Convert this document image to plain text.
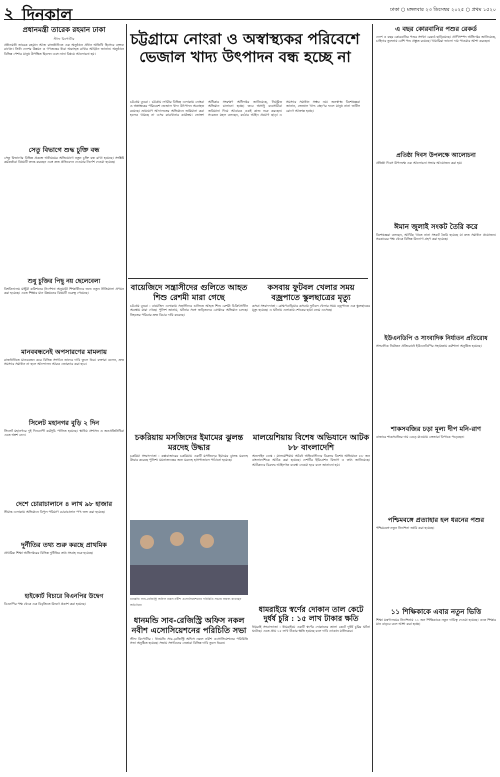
২ দিনকাল	ঢাকা ○ মঙ্গলবার ২৩ ডিসেম্বর ২০২৫ ○ প্রথম ১৫২০
প্রধানমন্ত্রী তারেক রহমান ঢাকা
স্টাফ রিপোর্টার
প্রধানমন্ত্রী তারেক রহমান আজ রাজধানীতে এক অনুষ্ঠানে প্রধান অতিথি হিসেবে বক্তব্য রাখেন। তিনি দেশের উন্নয়ন ও গণতন্ত্রের ধারা অব্যাহত রাখার আহ্বান জানান। অনুষ্ঠানে বিভিন্ন পেশার মানুষ উপস্থিত ছিলেন এবং নানা বিষয়ে আলোচনা হয়।
সেতু বিভাগে শুদ্ধ চুক্তি বন্ধ
সেতু বিভাগের বিভিন্ন প্রকল্পে অনিয়মের অভিযোগে নতুন চুক্তি বন্ধ রাখা হয়েছে। সংশ্লিষ্ট কর্মকর্তারা বিষয়টি তদন্ত করছেন এবং দ্রুত প্রতিবেদন দেওয়ার নির্দেশ দেওয়া হয়েছে।
শুধু চুক্তির পিছু নয় ছেলেবেলা
বিশ্ববিদ্যালয় মঞ্জুরী কমিশনের নির্দেশনা অনুযায়ী শিক্ষার্থীদের জন্য নতুন নীতিমালা প্রণয়ন করা হয়েছে। এতে শিক্ষার মান উন্নয়নের বিষয়টি গুরুত্ব পেয়েছে।
মানববন্ধনেই অপসারণের মামলায়
রাজধানীতে মানববন্ধন করে বিভিন্ন সংগঠন তাদের দাবি তুলে ধরে। বক্তারা বলেন, দ্রুত সমস্যার সমাধান না হলে আন্দোলন আরও জোরদার করা হবে।
সিলেট মহানগর বুড়ি ২ দিন
সিলেট মহানগরে দুই দিনব্যাপী কর্মসূচি পালিত হয়েছে। স্থানীয় প্রশাসন ও জনপ্রতিনিধিরা এতে অংশ নেন।
দেশে চোরাচালানে ৪ লাখ ৯৮ হাজার
সীমান্ত এলাকায় অভিযানে বিপুল পরিমাণ চোরাচালান পণ্য জব্দ করা হয়েছে।
দুর্নীতির তথ্য শুরু করছে প্রাথমিক
প্রাথমিক শিক্ষা অধিদপ্তরের বিভিন্ন দুর্নীতির তথ্য সংগ্রহ শুরু হয়েছে।
হাইকোর্ট বিচারে বিএনপির উদ্বেগ
বিএনপির পক্ষ থেকে এক বিবৃতিতে উদ্বেগ প্রকাশ করা হয়েছে।
চট্টগ্রামে নোংরা ও অস্বাস্থ্যকর পরিবেশে ভেজাল খাদ্য উৎপাদন বন্ধ হচ্ছে না
চট্টগ্রাম ব্যুরো : চট্টগ্রাম নগরীর বিভিন্ন এলাকায় নোংরা ও অস্বাস্থ্যকর পরিবেশে ভেজাল খাদ্য উৎপাদন অব্যাহত রয়েছে। ভ্রাম্যমাণ আদালতের অভিযানে জরিমানা করা হলেও থামছে না এসব কারখানার কার্যক্রম। ভোক্তা অধিকার সংরক্ষণ অধিদপ্তর জানিয়েছে, নিয়মিত অভিযান চালানো হচ্ছে। তবে অসাধু ব্যবসায়ীরা জরিমানা দিয়ে আবারও একই কাজ শুরু করছেন। সচেতন মহল বলছেন, কঠোর আইন প্রয়োগ ছাড়া এ সমস্যার সমাধান সম্ভব নয়। জনস্বাস্থ্য বিশেষজ্ঞরা জানান, ভেজাল খাদ্য গ্রহণের ফলে মানুষ নানা জটিল রোগে আক্রান্ত হচ্ছে।
বায়েজিদে সন্ত্রাসীদের গুলিতে আহত শিশু রেশমী মারা গেছে
চট্টগ্রাম ব্যুরো : বায়েজিদ এলাকায় সন্ত্রাসীদের গুলিতে আহত শিশু রেশমী চিকিৎসাধীন অবস্থায় মারা গেছে। পুলিশ জানায়, ঘটনার সঙ্গে জড়িতদের গ্রেপ্তারে অভিযান চলছে। নিহতের পরিবার দ্রুত বিচার দাবি করেছে।
কসবায় ফুটবল খেলার সময় বজ্রপাতে স্কুলছাত্রের মৃত্যু
কসবা সংবাদদাতা : ব্রাহ্মণবাড়িয়ার কসবায় ফুটবল খেলার সময় বজ্রপাতে এক স্কুলছাত্রের মৃত্যু হয়েছে। এ ঘটনায় এলাকায় শোকের ছায়া নেমে এসেছে।
চকরিয়ায় মসজিদের ইমামের ঝুলন্ত মরদেহ উদ্ধার
চকরিয়া সংবাদদাতা : কক্সবাজারের চকরিয়ায় একটি মসজিদের ইমামের ঝুলন্ত মরদেহ উদ্ধার করেছে পুলিশ। ময়নাতদন্তের জন্য মরদেহ হাসপাতালে পাঠানো হয়েছে।
মালয়েশিয়ায় বিশেষ অভিযানে আটক ৮৮ বাংলাদেশি
অনলাইন ডেস্ক : মালয়েশিয়ায় অবৈধ অভিবাসীদের বিরুদ্ধে বিশেষ অভিযানে ৮৮ জন বাংলাদেশিকে আটক করা হয়েছে। দেশটির ইমিগ্রেশন বিভাগ এ তথ্য জানিয়েছে। আটকদের বিরুদ্ধে আইনগত ব্যবস্থা নেওয়া হবে বলে জানানো হয়।
ধানমন্ডি সাব-রেজিস্ট্রি অফিস নকল নবীশ এসোসিয়েশনের পরিচিতি সভায় বক্তব্য রাখছেন অতিথিরা
ধানমন্ডি সাব-রেজিস্ট্রি অফিস নকল নবীশ এসোসিয়েশনের পরিচিতি সভা
স্টাফ রিপোর্টার : ধানমন্ডি সাব-রেজিস্ট্রি অফিস নকল নবীশ এসোসিয়েশনের পরিচিতি সভা অনুষ্ঠিত হয়েছে। সভায় সংগঠনের নেতারা বিভিন্ন দাবি তুলে ধরেন।
ধামরাইয়ে স্বর্ণের দোকান তাল কেটে দুর্ধর্ষ চুরি : ১৫ লাখ টাকার ক্ষতি
ধামরাই সংবাদদাতা : ধামরাইয়ে একটি স্বর্ণের দোকানের তালা কেটে দুর্ধর্ষ চুরির ঘটনা ঘটেছে। এতে প্রায় ১৫ লাখ টাকার ক্ষতি হয়েছে বলে দাবি দোকান মালিকের।
এ বছর কোরবানির পশুর রেকর্ড
দেশে এ বছর কোরবানির পশুর সংখ্যা রেকর্ড ছাড়িয়েছে। প্রাণিসম্পদ অধিদপ্তর জানিয়েছে, চাহিদার তুলনায় বেশি পশু প্রস্তুত রয়েছে। খামারিরা ভালো দাম পাওয়ার আশা করছেন।
প্রতিষ্ঠা দিবস উপলক্ষে আলোচনা
প্রতিষ্ঠা দিবস উপলক্ষে এক আলোচনা সভার আয়োজন করা হয়।
ঈমান জুলাই সংকট তৈরি করে
বিশেষজ্ঞরা বলছেন, আর্থিক খাতে নানা সংকট তৈরি হয়েছে যা দ্রুত সমাধান প্রয়োজন। সরকারের পক্ষ থেকে বিভিন্ন উদ্যোগ গ্রহণ করা হয়েছে।
ইউএনডিপি ও সাংবাদিক নির্যাতন প্রতিরোধ
সাংবাদিক নির্যাতন প্রতিরোধে ইউএনডিপির সহায়তায় কর্মশালা অনুষ্ঠিত হয়েছে।
শাকসবজির চড়া মূল্য দীপ মনি-রাণ
বাজারে শাকসবজির দাম বেড়ে যাওয়ায় ক্রেতারা বিপাকে পড়েছেন।
পশ্চিমবঙ্গে প্রত্যাহার হল ধরনের পশুর
পশ্চিমবঙ্গে নতুন নির্দেশনা জারি করা হয়েছে।
১১ শিক্ষিকাকে এবার নতুন ভিত্তি
শিক্ষা মন্ত্রণালয়ের নির্দেশনায় ১১ জন শিক্ষিকাকে নতুন দায়িত্ব দেওয়া হয়েছে। এতে শিক্ষার মান বাড়বে বলে আশা করা হচ্ছে।
